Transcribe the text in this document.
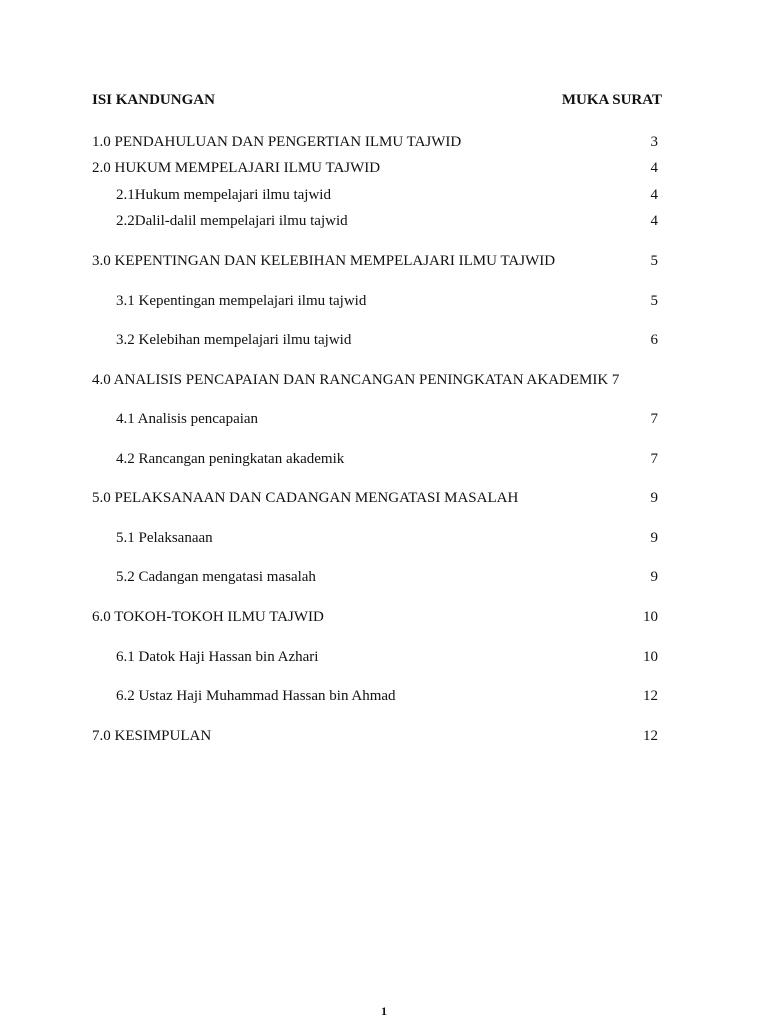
ISI KANDUNGAN	MUKA SURAT
1.0 PENDAHULUAN DAN PENGERTIAN ILMU TAJWID	3
2.0 HUKUM MEMPELAJARI ILMU TAJWID	4
2.1Hukum mempelajari ilmu tajwid	4
2.2Dalil-dalil mempelajari ilmu tajwid	4
3.0 KEPENTINGAN DAN KELEBIHAN MEMPELAJARI ILMU TAJWID	5
3.1 Kepentingan mempelajari ilmu tajwid	5
3.2 Kelebihan mempelajari ilmu tajwid	6
4.0 ANALISIS PENCAPAIAN DAN RANCANGAN PENINGKATAN AKADEMIK 7
4.1 Analisis pencapaian	7
4.2 Rancangan peningkatan akademik	7
5.0 PELAKSANAAN DAN CADANGAN MENGATASI MASALAH	9
5.1 Pelaksanaan	9
5.2 Cadangan mengatasi masalah	9
6.0 TOKOH-TOKOH ILMU TAJWID	10
6.1 Datok Haji Hassan bin Azhari	10
6.2 Ustaz Haji Muhammad Hassan bin Ahmad	12
7.0 KESIMPULAN	12
1
